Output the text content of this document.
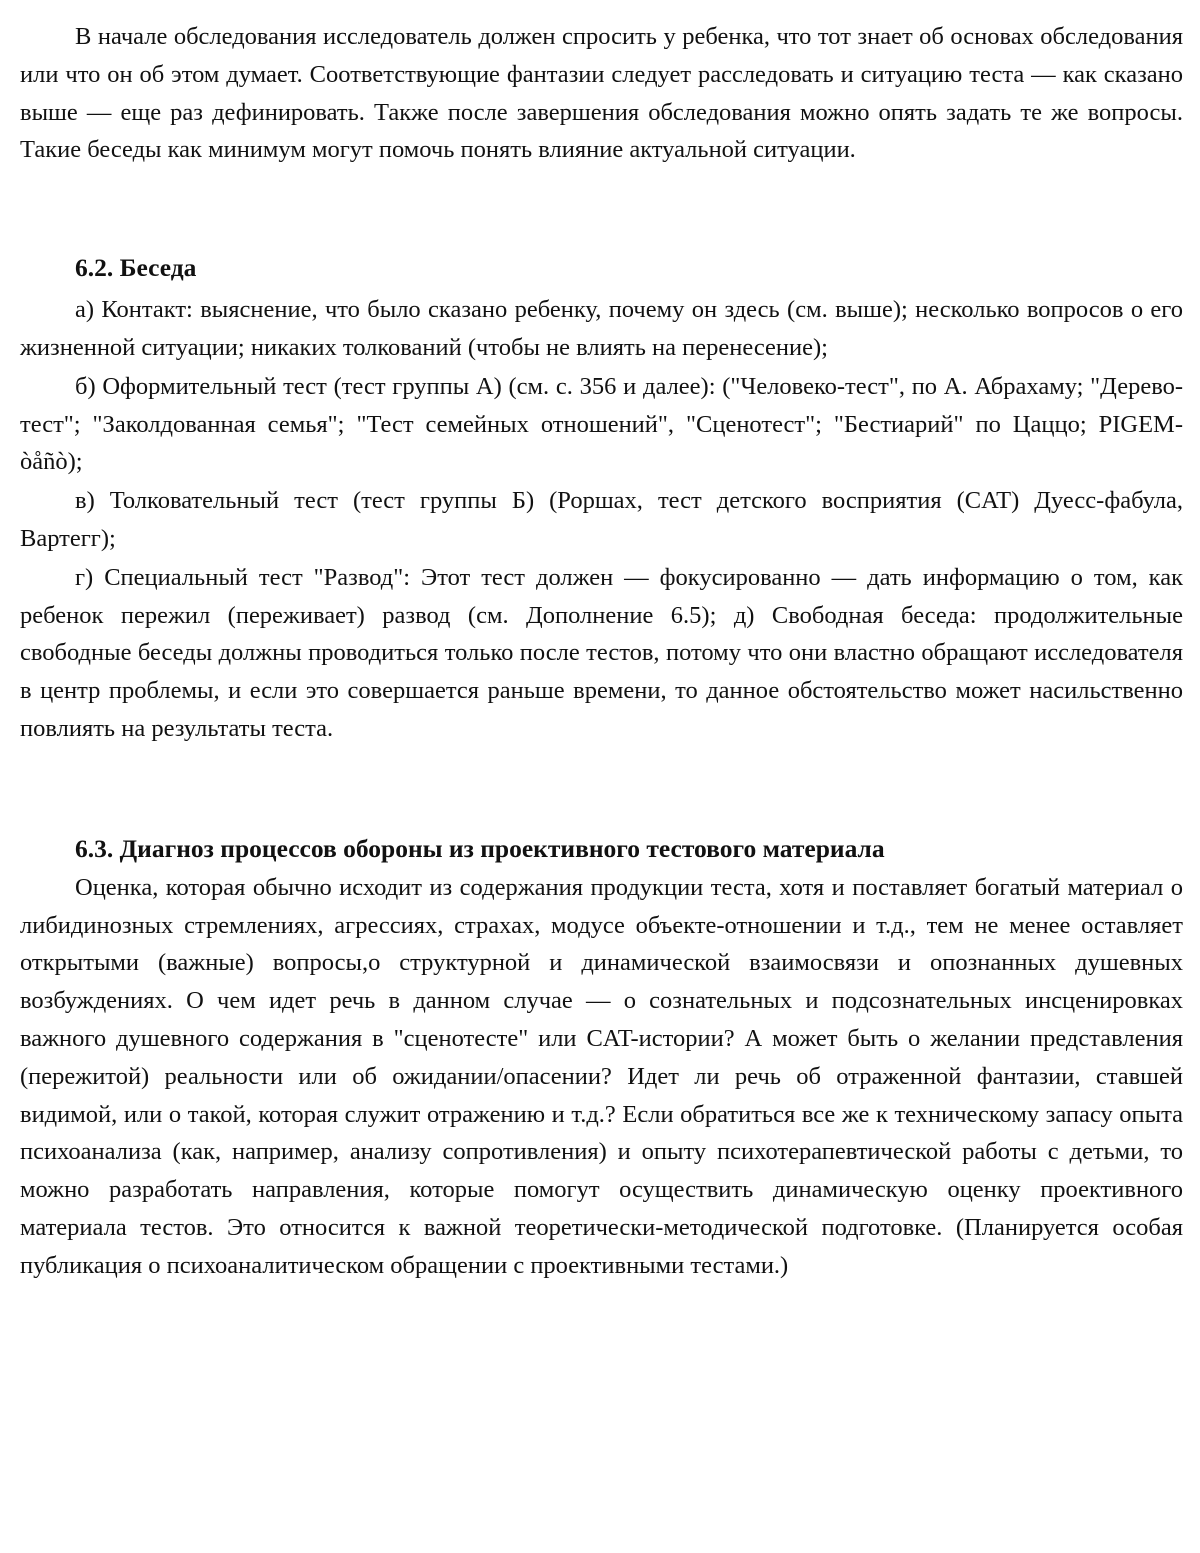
В начале обследования исследователь должен спросить у ребенка, что тот знает об основах обследования или что он об этом думает. Соответствующие фантазии следует расследовать и ситуацию теста — как сказано выше — еще раз дефинировать. Также после завершения обследования можно опять задать те же вопросы. Такие беседы как минимум могут помочь понять влияние актуальной ситуации.

6.2. Беседа

а) Контакт: выяснение, что было сказано ребенку, почему он здесь (см. выше); несколько вопросов о его жизненной ситуации; никаких толкований (чтобы не влиять на перенесение);

б) Оформительный тест (тест группы А) (см. с. 356 и далее): ("Человеко-тест", по А. Абрахаму; "Дерево-тест"; "Заколдованная семья"; "Тест семейных отношений", "Сценотест"; "Бестиарий" по Цаццо; PIGEM-òåñò);

в) Толковательный тест (тест группы Б) (Роршах, тест детского восприятия (CAT) Дуесс-фабула, Вартегг);

г) Специальный тест "Развод": Этот тест должен — фокусированно — дать информацию о том, как ребенок пережил (переживает) развод (см. Дополнение 6.5); д) Свободная беседа: продолжительные свободные беседы должны проводиться только после тестов, потому что они властно обращают исследователя в центр проблемы, и если это совершается раньше времени, то данное обстоятельство может насильственно повлиять на результаты теста.

6.3. Диагноз процессов обороны из проективного тестового материала

Оценка, которая обычно исходит из содержания продукции теста, хотя и поставляет богатый материал о либидинозных стремлениях, агрессиях, страхах, модусе объекте-отношении и т.д., тем не менее оставляет открытыми (важные) вопросы,о структурной и динамической взаимосвязи и опознанных душевных возбуждениях. О чем идет речь в данном случае — о сознательных и подсознательных инсценировках важного душевного содержания в "сценотесте" или CAT-истории? А может быть о желании представления (пережитой) реальности или об ожидании/опасении? Идет ли речь об отраженной фантазии, ставшей видимой, или о такой, которая служит отражению и т.д.? Если обратиться все же к техническому запасу опыта психоанализа (как, например, анализу сопротивления) и опыту психотерапевтической работы с детьми, то можно разработать направления, которые помогут осуществить динамическую оценку проективного материала тестов. Это относится к важной теоретически-методической подготовке. (Планируется особая публикация о психоаналитическом обращении с проективными тестами.)
